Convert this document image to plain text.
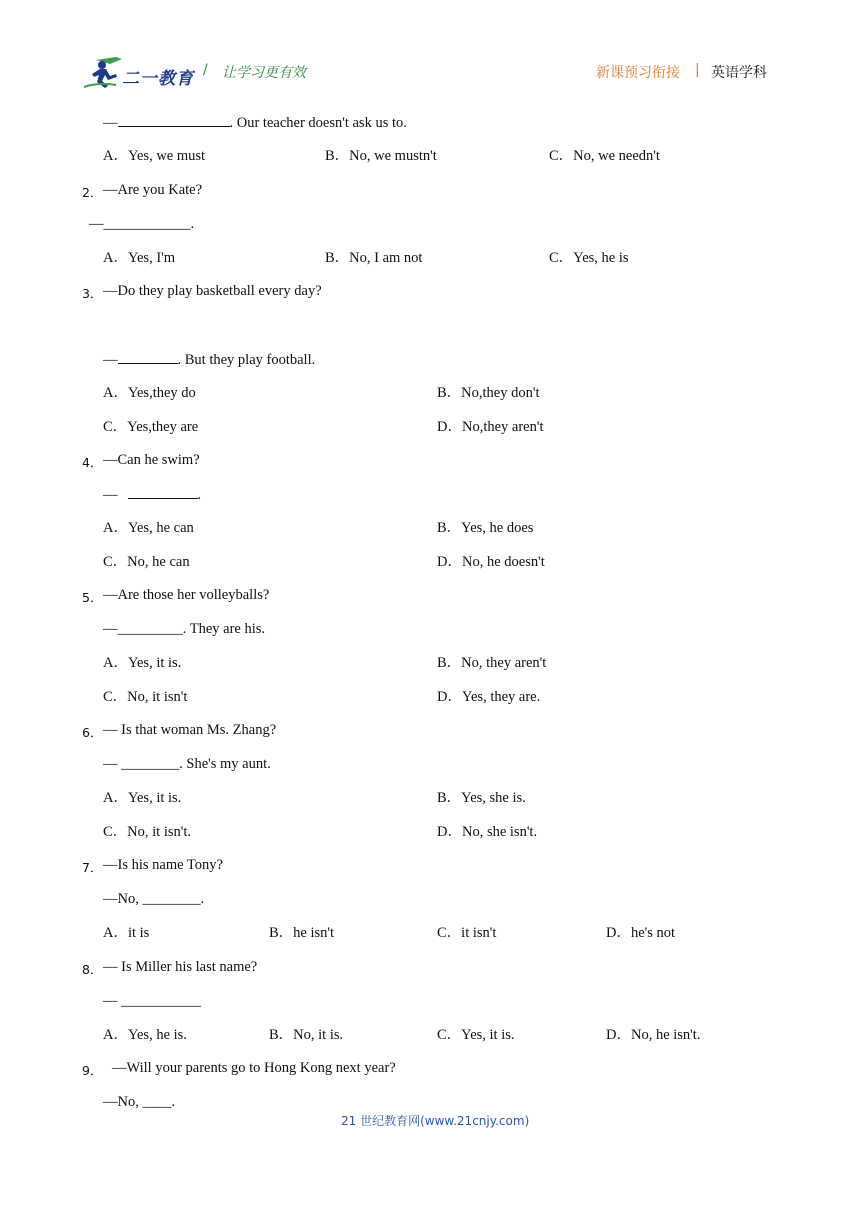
二一教育 / 让学习更有效	新课预习衔接 | 英语学科
—	. Our teacher doesn't ask us to.
A．Yes, we must	B．No, we mustn't	C．No, we needn't
2． —Are you Kate?
—____________.
A．Yes, I'm	B．No, I am not	C．Yes, he is
3． —Do they play basketball every day?
—	. But they play football.
A．Yes,they do	B．No,they don't
C．Yes,they are	D．No,they aren't
4． —Can he swim?
—	.
A．Yes, he can	B．Yes, he does
C．No, he can	D．No, he doesn't
5． —Are those her volleyballs?
—_________. They are his.
A．Yes, it is.	B．No, they aren't
C．No, it isn't	D．Yes, they are.
6． — Is that woman Ms. Zhang?
— ________. She's my aunt.
A．Yes, it is.	B．Yes, she is.
C．No, it isn't.	D．No, she isn't.
7． —Is his name Tony?
—No, ________.
A．it is	B．he isn't	C．it isn't	D．he's not
8． — Is Miller his last name?
— ___________
A．Yes, he is.	B．No, it is.	C．Yes, it is.	D．No, he isn't.
9． —Will your parents go to Hong Kong next year?
—No, ____.
21 世纪教育网(www.21cnjy.com)
